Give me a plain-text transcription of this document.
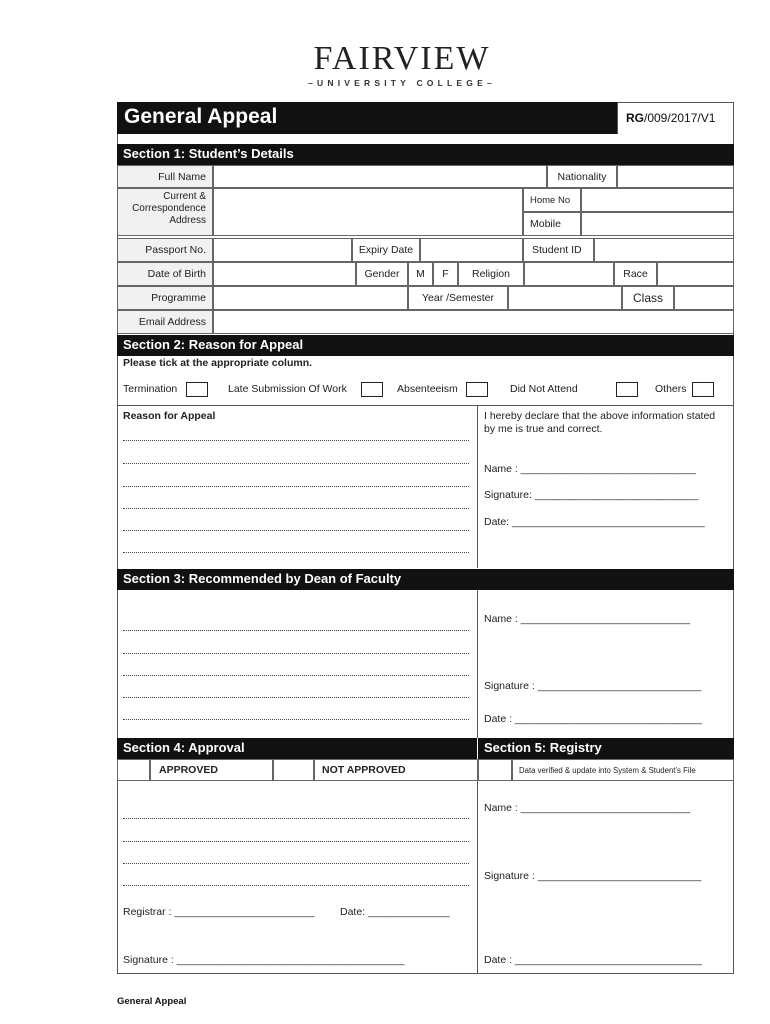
FAIRVIEW
–UNIVERSITY COLLEGE–
General Appeal	RG/009/2017/V1
Section 1: Student’s Details
Full Name	Nationality
Current & Correspondence Address
Home No
Mobile
Passport No.	Expiry Date	Student ID
Date of Birth	Gender	M	F	Religion	Race
Programme	Year /Semester	Class
Email Address
Section 2: Reason for Appeal
Please tick at the appropriate column.
Termination	Late Submission Of Work	Absenteeism	Did Not Attend	Others
Reason for Appeal	I hereby declare that the above information stated by me is true and correct.
Name : ______________________________
Signature: ____________________________
Date: _________________________________
Section 3: Recommended by Dean of Faculty
Name : _____________________________
Signature : ____________________________
Date : ________________________________
Section 4: Approval	Section 5: Registry
APPROVED	NOT APPROVED	Data verified & update into System & Student’s File
Registrar : ________________________ Date: ______________
Signature : _______________________________________
Name : _____________________________
Signature : ____________________________
Date : ________________________________
General Appeal
